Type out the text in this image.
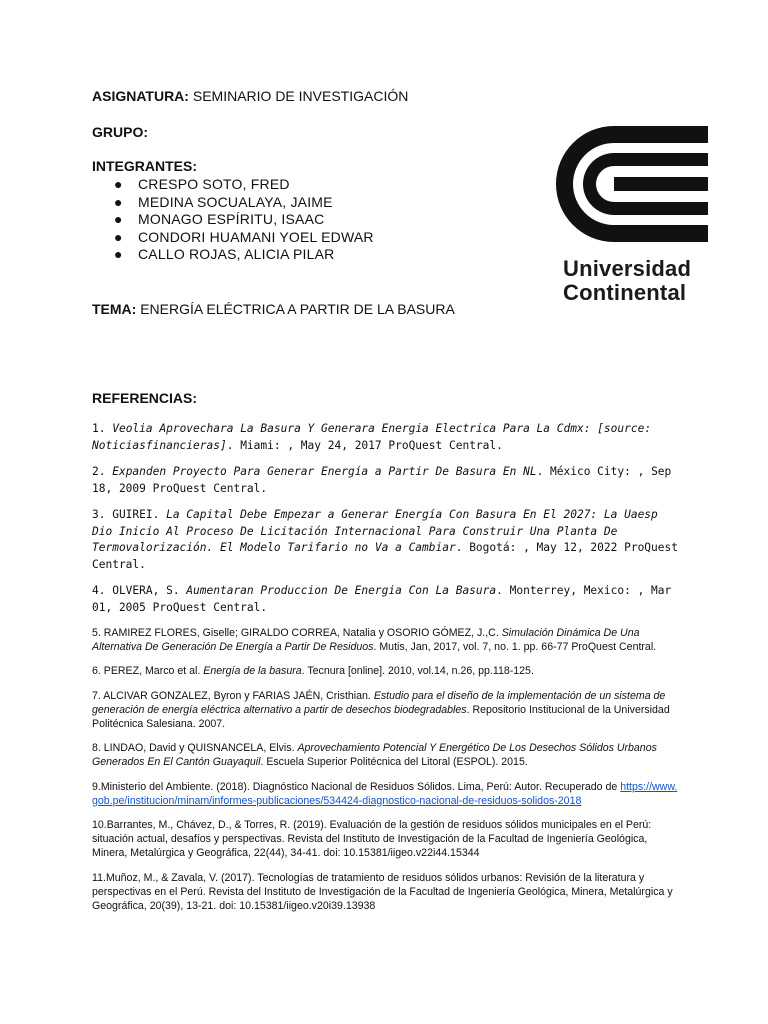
ASIGNATURA: SEMINARIO DE INVESTIGACIÓN
GRUPO:
INTEGRANTES:
● CRESPO SOTO, FRED
● MEDINA SOCUALAYA, JAIME
● MONAGO ESPÍRITU, ISAAC
● CONDORI HUAMANI YOEL EDWAR
● CALLO ROJAS, ALICIA PILAR
TEMA: ENERGÍA ELÉCTRICA A PARTIR DE LA BASURA
Universidad
Continental
REFERENCIAS:
1. Veolia Aprovechara La Basura Y Generara Energia Electrica Para La Cdmx: [source: Noticiasfinancieras]. Miami: , May 24, 2017 ProQuest Central.
2. Expanden Proyecto Para Generar Energía a Partir De Basura En NL. México City: , Sep 18, 2009 ProQuest Central.
3. GUIREI. La Capital Debe Empezar a Generar Energía Con Basura En El 2027: La Uaesp Dio Inicio Al Proceso De Licitación Internacional Para Construir Una Planta De Termovalorización. El Modelo Tarifario no Va a Cambiar. Bogotá: , May 12, 2022 ProQuest Central.
4. OLVERA, S. Aumentaran Produccion De Energia Con La Basura. Monterrey, Mexico: , Mar 01, 2005 ProQuest Central.
5. RAMIREZ FLORES, Giselle; GIRALDO CORREA, Natalia y OSORIO GÓMEZ, J.,C. Simulación Dinámica De Una Alternativa De Generación De Energía a Partir De Residuos. Mutis, Jan, 2017, vol. 7, no. 1. pp. 66-77 ProQuest Central.
6. PEREZ, Marco et al. Energía de la basura. Tecnura [online]. 2010, vol.14, n.26, pp.118-125.
7. ALCIVAR GONZALEZ, Byron y FARIAS JAÉN, Cristhian. Estudio para el diseño de la implementación de un sistema de generación de energía eléctrica alternativo a partir de desechos biodegradables. Repositorio Institucional de la Universidad Politécnica Salesiana. 2007.
8. LINDAO, David y QUISNANCELA, Elvis. Aprovechamiento Potencial Y Energético De Los Desechos Sólidos Urbanos Generados En El Cantón Guayaquil. Escuela Superior Politécnica del Litoral (ESPOL). 2015.
9.Ministerio del Ambiente. (2018). Diagnóstico Nacional de Residuos Sólidos. Lima, Perú: Autor. Recuperado de https://www.gob.pe/institucion/minam/informes-publicaciones/534424-diagnostico-nacional-de-residuos-solidos-2018
10.Barrantes, M., Chávez, D., & Torres, R. (2019). Evaluación de la gestión de residuos sólidos municipales en el Perú: situación actual, desafíos y perspectivas. Revista del Instituto de Investigación de la Facultad de Ingeniería Geológica, Minera, Metalúrgica y Geográfica, 22(44), 34-41. doi: 10.15381/iigeo.v22i44.15344
11.Muñoz, M., & Zavala, V. (2017). Tecnologías de tratamiento de residuos sólidos urbanos: Revisión de la literatura y perspectivas en el Perú. Revista del Instituto de Investigación de la Facultad de Ingeniería Geológica, Minera, Metalúrgica y Geográfica, 20(39), 13-21. doi: 10.15381/iigeo.v20i39.13938
